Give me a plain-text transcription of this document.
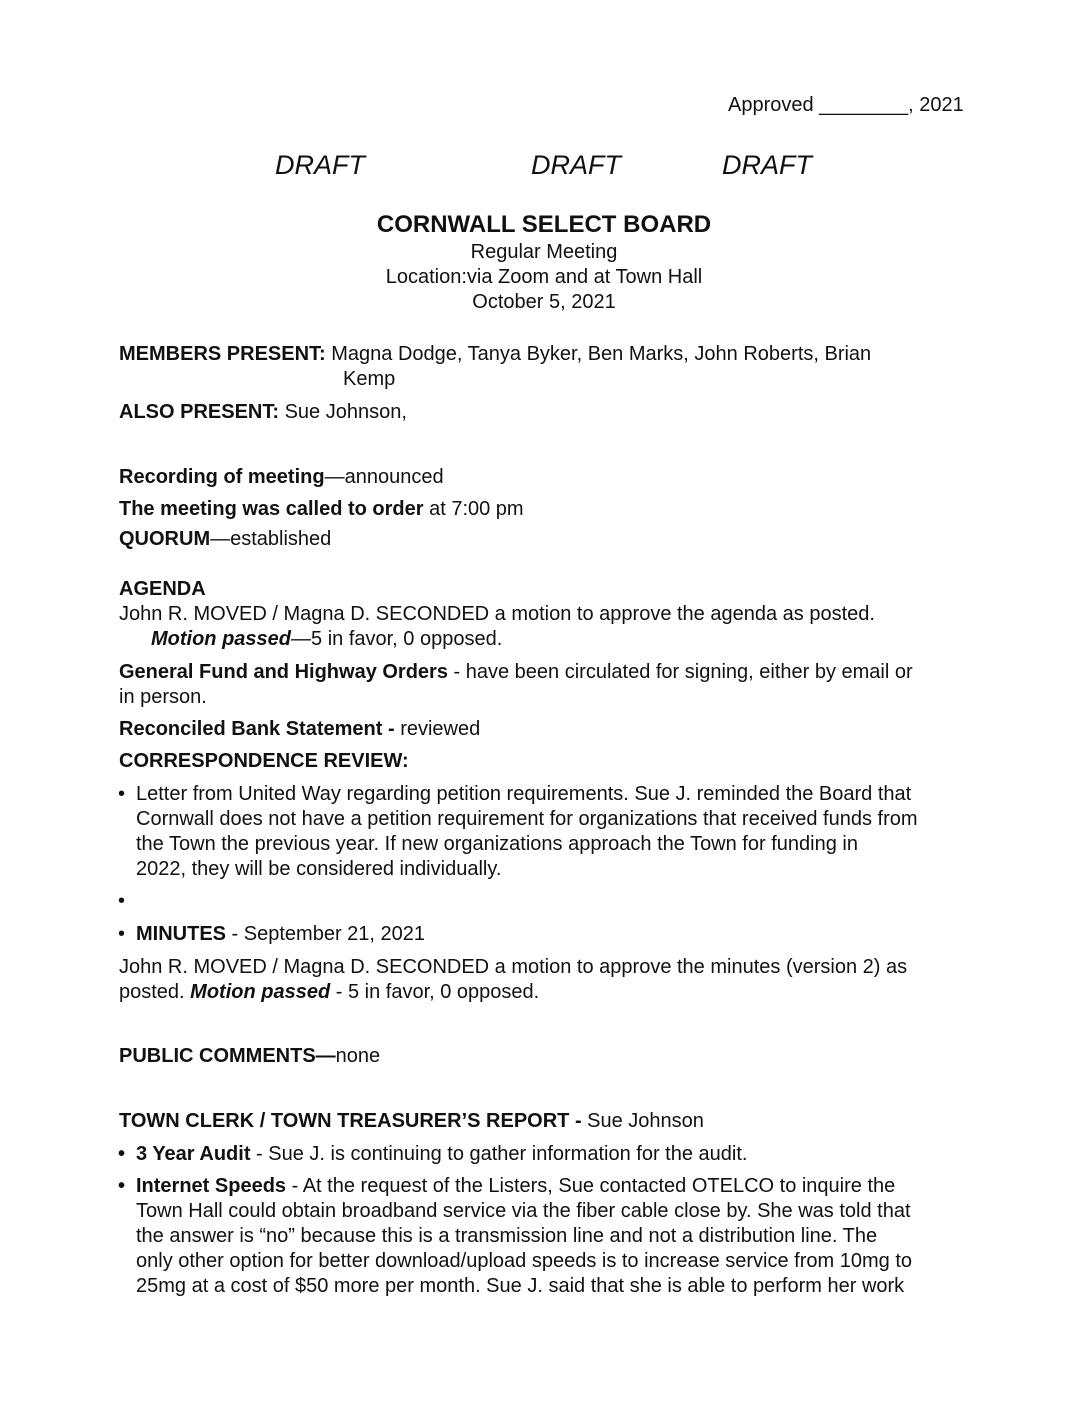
Approved ________, 2021
DRAFT	DRAFT	DRAFT
CORNWALL SELECT BOARD
Regular Meeting
Location:via Zoom and at Town Hall
October 5, 2021
MEMBERS PRESENT: Magna Dodge, Tanya Byker, Ben Marks, John Roberts, Brian
Kemp
ALSO PRESENT: Sue Johnson,
Recording of meeting—announced
The meeting was called to order at 7:00 pm
QUORUM—established
AGENDA
John R. MOVED / Magna D. SECONDED a motion to approve the agenda as posted.
Motion passed—5 in favor, 0 opposed.
General Fund and Highway Orders - have been circulated for signing, either by email or
in person.
Reconciled Bank Statement - reviewed
CORRESPONDENCE REVIEW:
• Letter from United Way regarding petition requirements. Sue J. reminded the Board that
Cornwall does not have a petition requirement for organizations that received funds from
the Town the previous year. If new organizations approach the Town for funding in
2022, they will be considered individually.
•
• MINUTES - September 21, 2021
John R. MOVED / Magna D. SECONDED a motion to approve the minutes (version 2) as
posted. Motion passed - 5 in favor, 0 opposed.
PUBLIC COMMENTS—none
TOWN CLERK / TOWN TREASURER’S REPORT - Sue Johnson
• 3 Year Audit - Sue J. is continuing to gather information for the audit.
• Internet Speeds - At the request of the Listers, Sue contacted OTELCO to inquire the
Town Hall could obtain broadband service via the fiber cable close by. She was told that
the answer is “no” because this is a transmission line and not a distribution line. The
only other option for better download/upload speeds is to increase service from 10mg to
25mg at a cost of $50 more per month. Sue J. said that she is able to perform her work
